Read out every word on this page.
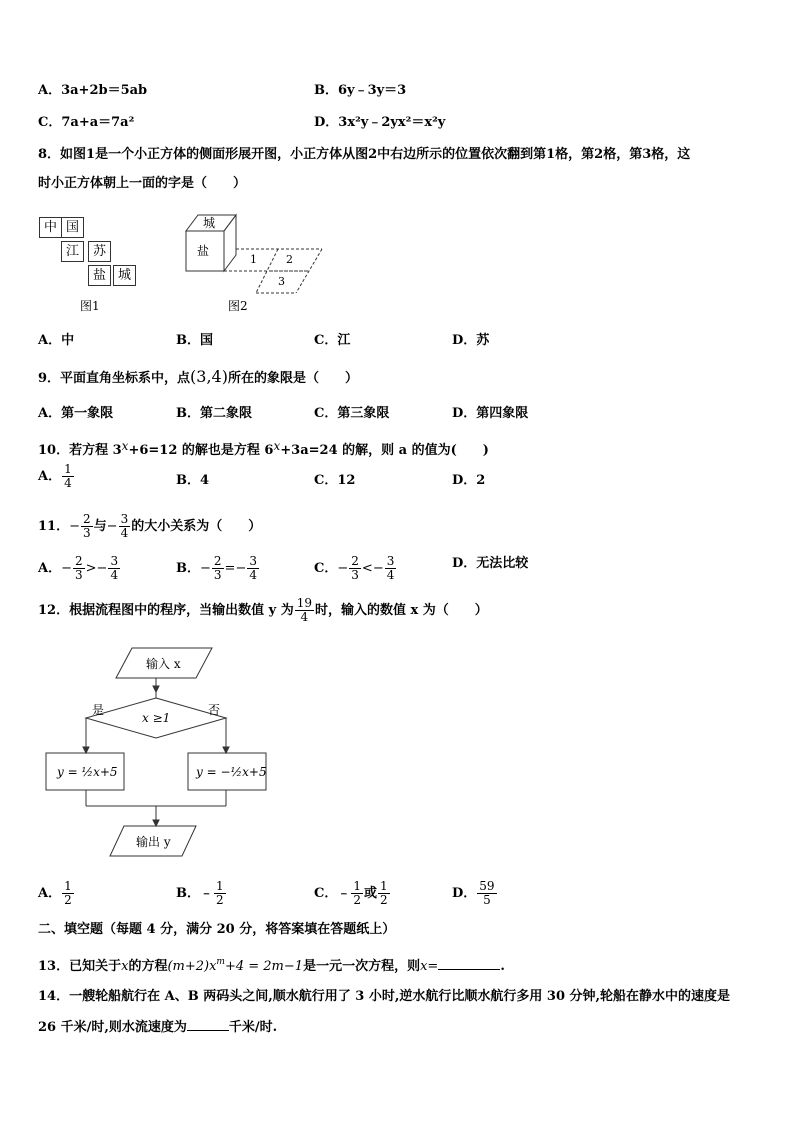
A．3a+2b＝5ab	B．6y﹣3y＝3
C．7a+a＝7a²	D．3x²y﹣2yx²＝x²y
8．如图1是一个小正方体的侧面形展开图，小正方体从图2中右边所示的位置依次翻到第1格，第2格，第3格，这
时小正方体朝上一面的字是（　　）
中 国
江	苏
盐 城
图1
城
盐
1	2
3
图2
A．中	B．国	C．江	D．苏
9．平面直角坐标系中，点(3,4)所在的象限是（　　）
A．第一象限	B．第二象限	C．第三象限	D．第四象限
10．若方程 3x+6=12 的解也是方程 6x+3a=24 的解，则 a 的值为(　　)
A． $\frac{1}{4}$	B．4	C．12	D．2
11．− $\frac{2}{3}$ 与− $\frac{3}{4}$ 的大小关系为（　　）
A．− $\frac{2}{3} >- \frac{3}{4}$	B．− $\frac{2}{3} =- \frac{3}{4}$	C．− $\frac{2}{3} <- \frac{3}{4}$	D．无法比较
12．根据流程图中的程序，当输出数值 y 为 $\frac{19}{4}$ 时，输入的数值 x 为（　　）
输入 x
x ≥1
是	否
y = ½x+5	y = −½x+5
输出 y
A． $\frac{1}{2}$	B．﹣ $\frac{1}{2}$	C．﹣ $\frac{1}{2}$ 或 $\frac{1}{2}$	D． $\frac{59}{5}$
二、填空题（每题 4 分，满分 20 分，将答案填在答题纸上）
13．已知关于x的方程$(m+2)x^m+4 = 2m-1$是一元一次方程，则x=	.
14．一艘轮船航行在 A、B 两码头之间,顺水航行用了 3 小时,逆水航行比顺水航行多用 30 分钟,轮船在静水中的速度是
26 千米/时,则水流速度为	千米/时.
